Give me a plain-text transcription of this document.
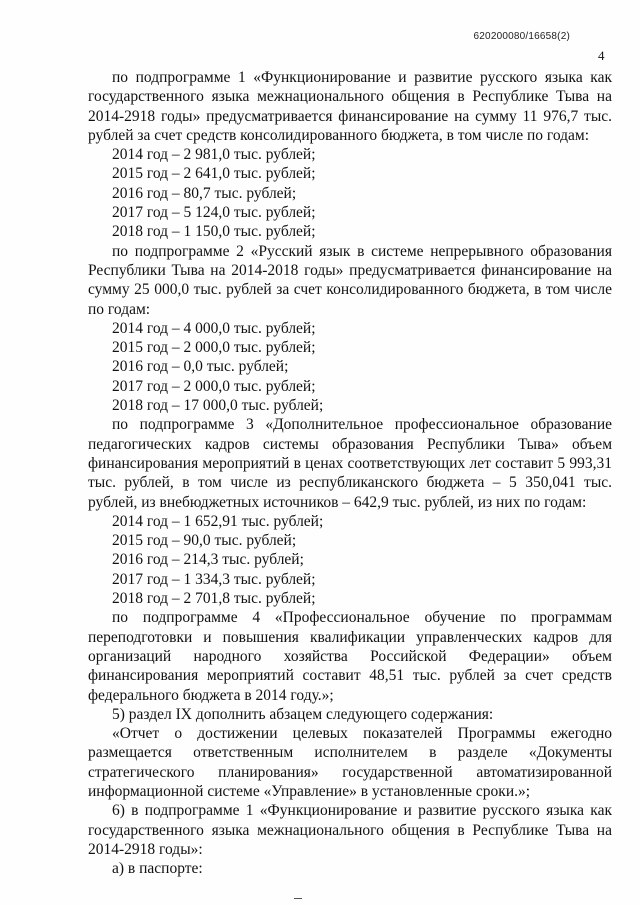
620200080/16658(2)
4

по подпрограмме 1 «Функционирование и развитие русского языка как государственного языка межнационального общения в Республике Тыва на 2014-2918 годы» предусматривается финансирование на сумму 11 976,7 тыс. рублей за счет средств консолидированного бюджета, в том числе по годам:

2014 год – 2 981,0 тыс. рублей;

2015 год – 2 641,0 тыс. рублей;

2016 год – 80,7 тыс. рублей;

2017 год – 5 124,0 тыс. рублей;

2018 год – 1 150,0 тыс. рублей;

по подпрограмме 2 «Русский язык в системе непрерывного образования Республики Тыва на 2014-2018 годы» предусматривается финансирование на сумму 25 000,0 тыс. рублей за счет консолидированного бюджета, в том числе по годам:

2014 год – 4 000,0 тыс. рублей;

2015 год – 2 000,0 тыс. рублей;

2016 год – 0,0 тыс. рублей;

2017 год – 2 000,0 тыс. рублей;

2018 год – 17 000,0 тыс. рублей;

по подпрограмме 3 «Дополнительное профессиональное образование педагогических кадров системы образования Республики Тыва» объем финансирования мероприятий в ценах соответствующих лет составит 5 993,31 тыс. рублей, в том числе из республиканского бюджета – 5 350,041 тыс. рублей, из внебюджетных источников – 642,9 тыс. рублей, из них по годам:

2014 год – 1 652,91 тыс. рублей;

2015 год – 90,0 тыс. рублей;

2016 год – 214,3 тыс. рублей;

2017 год – 1 334,3 тыс. рублей;

2018 год – 2 701,8 тыс. рублей;

по подпрограмме 4 «Профессиональное обучение по программам переподготовки и повышения квалификации управленческих кадров для организаций народного хозяйства Российской Федерации» объем финансирования мероприятий составит 48,51 тыс. рублей за счет средств федерального бюджета в 2014 году.»;

5) раздел IX дополнить абзацем следующего содержания:

«Отчет о достижении целевых показателей Программы ежегодно размещается ответственным исполнителем в разделе «Документы стратегического планирования» государственной автоматизированной информационной системе «Управление» в установленные сроки.»;

6) в подпрограмме 1 «Функционирование и развитие русского языка как государственного языка межнационального общения в Республике Тыва на 2014-2918 годы»:

а) в паспорте:
